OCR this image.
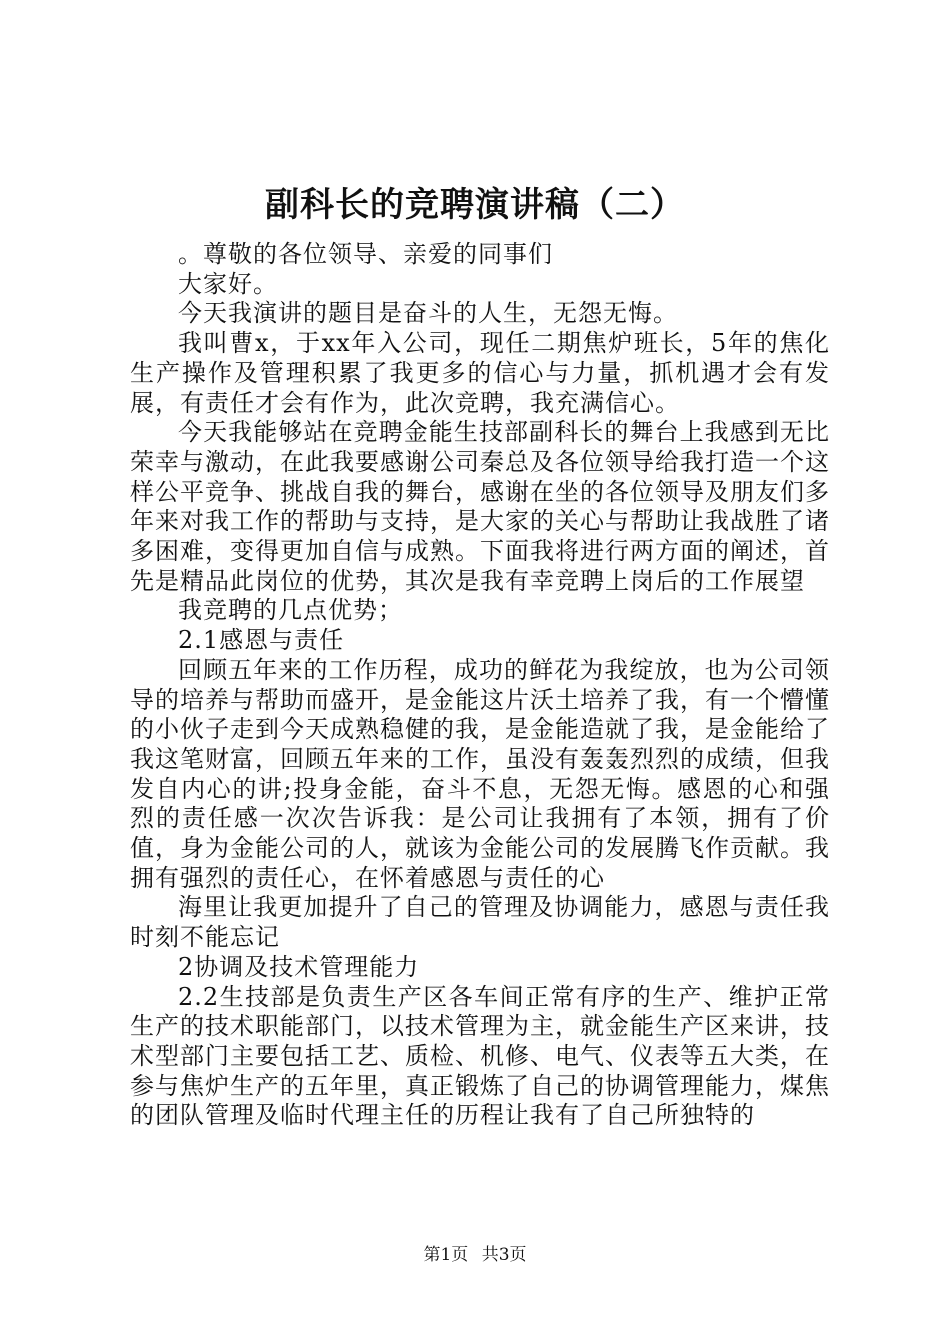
副科长的竞聘演讲稿（二）

。尊敬的各位领导、亲爱的同事们

大家好。

今天我演讲的题目是奋斗的人生，无怨无悔。

我叫曹x，于xx年入公司，现任二期焦炉班长，5年的焦化生产操作及管理积累了我更多的信心与力量，抓机遇才会有发展，有责任才会有作为，此次竞聘，我充满信心。

今天我能够站在竞聘金能生技部副科长的舞台上我感到无比荣幸与激动，在此我要感谢公司秦总及各位领导给我打造一个这样公平竞争、挑战自我的舞台，感谢在坐的各位领导及朋友们多年来对我工作的帮助与支持，是大家的关心与帮助让我战胜了诸多困难，变得更加自信与成熟。下面我将进行两方面的阐述，首先是精品此岗位的优势，其次是我有幸竞聘上岗后的工作展望

我竞聘的几点优势；

2.1感恩与责任

回顾五年来的工作历程，成功的鲜花为我绽放，也为公司领导的培养与帮助而盛开，是金能这片沃土培养了我，有一个懵懂的小伙子走到今天成熟稳健的我，是金能造就了我，是金能给了我这笔财富，回顾五年来的工作，虽没有轰轰烈烈的成绩，但我发自内心的讲;投身金能，奋斗不息，无怨无悔。感恩的心和强烈的责任感一次次告诉我：是公司让我拥有了本领，拥有了价值，身为金能公司的人，就该为金能公司的发展腾飞作贡献。我拥有强烈的责任心，在怀着感恩与责任的心

海里让我更加提升了自己的管理及协调能力，感恩与责任我时刻不能忘记

2协调及技术管理能力

2.2生技部是负责生产区各车间正常有序的生产、维护正常生产的技术职能部门，以技术管理为主，就金能生产区来讲，技术型部门主要包括工艺、质检、机修、电气、仪表等五大类，在参与焦炉生产的五年里，真正锻炼了自己的协调管理能力，煤焦的团队管理及临时代理主任的历程让我有了自己所独特的

第1页 共3页
